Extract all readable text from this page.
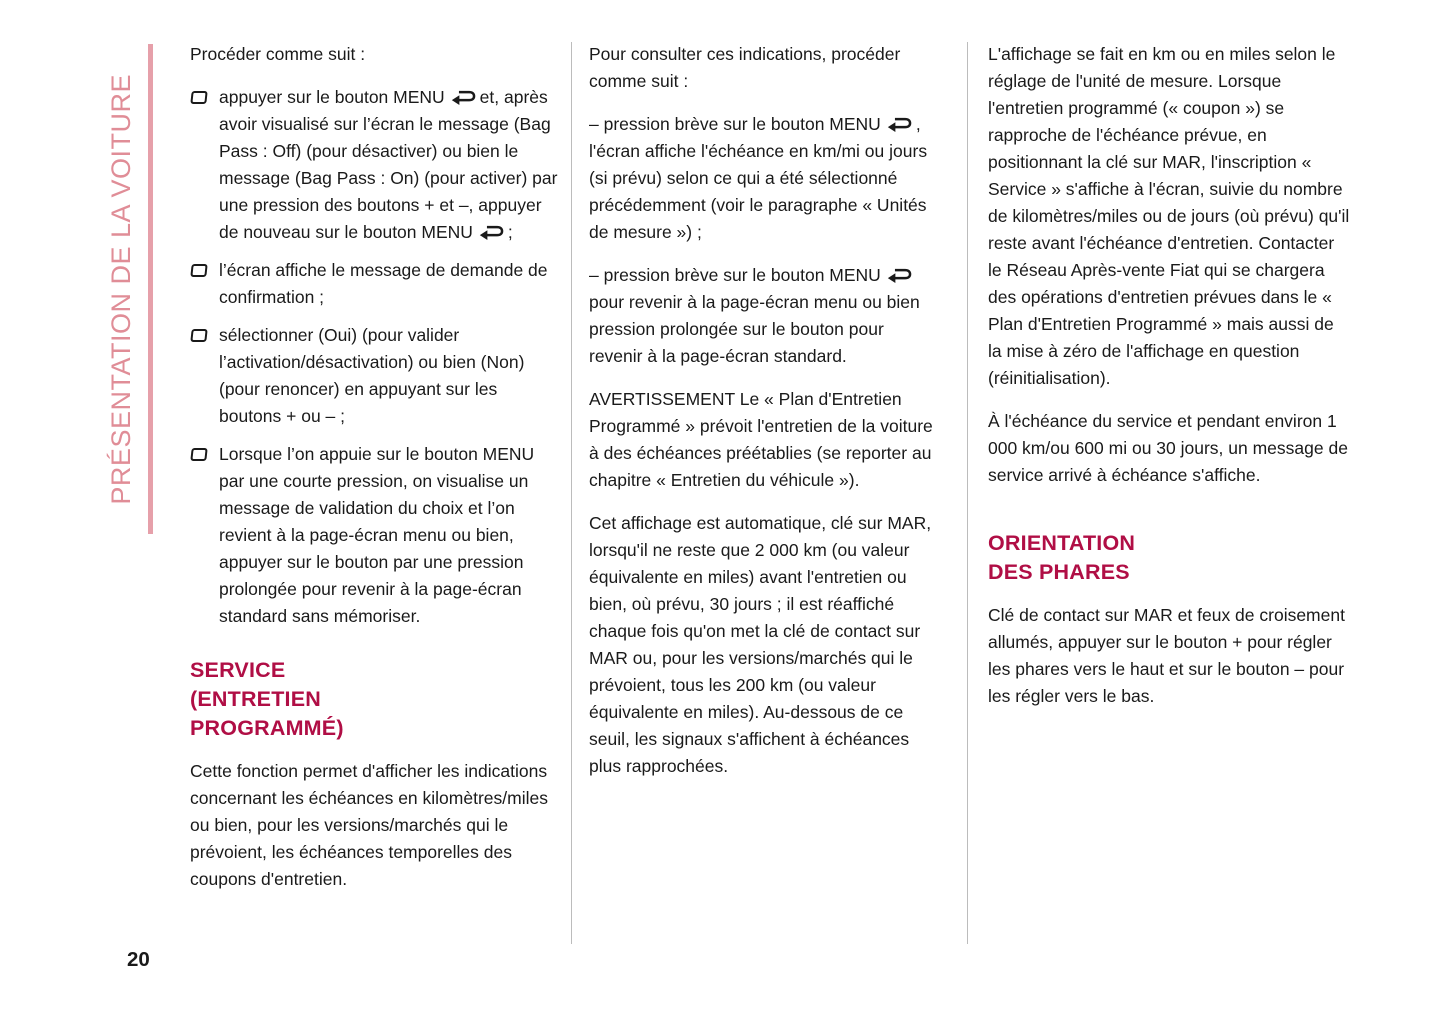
PRÉSENTATION DE LA VOITURE

Procéder comme suit :

appuyer sur le bouton MENU et, après avoir visualisé sur l’écran le message (Bag Pass : Off) (pour désactiver) ou bien le message (Bag Pass : On) (pour activer) par une pression des boutons + et –, appuyer de nouveau sur le bouton MENU ;
l’écran affiche le message de demande de confirmation ;
sélectionner (Oui) (pour valider l’activation/désactivation) ou bien (Non) (pour renoncer) en appuyant sur les boutons + ou – ;
Lorsque l’on appuie sur le bouton MENU par une courte pression, on visualise un message de validation du choix et l’on revient à la page-écran menu ou bien, appuyer sur le bouton par une pression prolongée pour revenir à la page-écran standard sans mémoriser.
SERVICE
(ENTRETIEN
PROGRAMMÉ)

Cette fonction permet d'afficher les indications concernant les échéances en kilomètres/miles ou bien, pour les versions/marchés qui le prévoient, les échéances temporelles des coupons d'entretien.

Pour consulter ces indications, procéder comme suit :

– pression brève sur le bouton MENU , l'écran affiche l'échéance en km/mi ou jours (si prévu) selon ce qui a été sélectionné précédemment (voir le paragraphe « Unités de mesure ») ;

– pression brève sur le bouton MENU
pour revenir à la page-écran menu ou bien pression prolongée sur le bouton pour revenir à la page-écran standard.

AVERTISSEMENT Le « Plan d'Entretien Programmé » prévoit l'entretien de la voiture à des échéances préétablies (se reporter au chapitre « Entretien du véhicule »).

Cet affichage est automatique, clé sur MAR, lorsqu'il ne reste que 2 000 km (ou valeur équivalente en miles) avant l'entretien ou bien, où prévu, 30 jours ; il est réaffiché chaque fois qu'on met la clé de contact sur MAR ou, pour les versions/marchés qui le prévoient, tous les 200 km (ou valeur équivalente en miles). Au-dessous de ce seuil, les signaux s'affichent à échéances plus rapprochées.

L'affichage se fait en km ou en miles selon le réglage de l'unité de mesure. Lorsque l'entretien programmé (« coupon ») se rapproche de l'échéance prévue, en positionnant la clé sur MAR, l'inscription « Service » s'affiche à l'écran, suivie du nombre de kilomètres/miles ou de jours (où prévu) qu'il reste avant l'échéance d'entretien. Contacter le Réseau Après-vente Fiat qui se chargera des opérations d'entretien prévues dans le « Plan d'Entretien Programmé » mais aussi de la mise à zéro de l'affichage en question (réinitialisation).

À l'échéance du service et pendant environ 1 000 km/ou 600 mi ou 30 jours, un message de service arrivé à échéance s'affiche.

ORIENTATION
DES PHARES

Clé de contact sur MAR et feux de croisement allumés, appuyer sur le bouton + pour régler les phares vers le haut et sur le bouton – pour les régler vers le bas.

20
